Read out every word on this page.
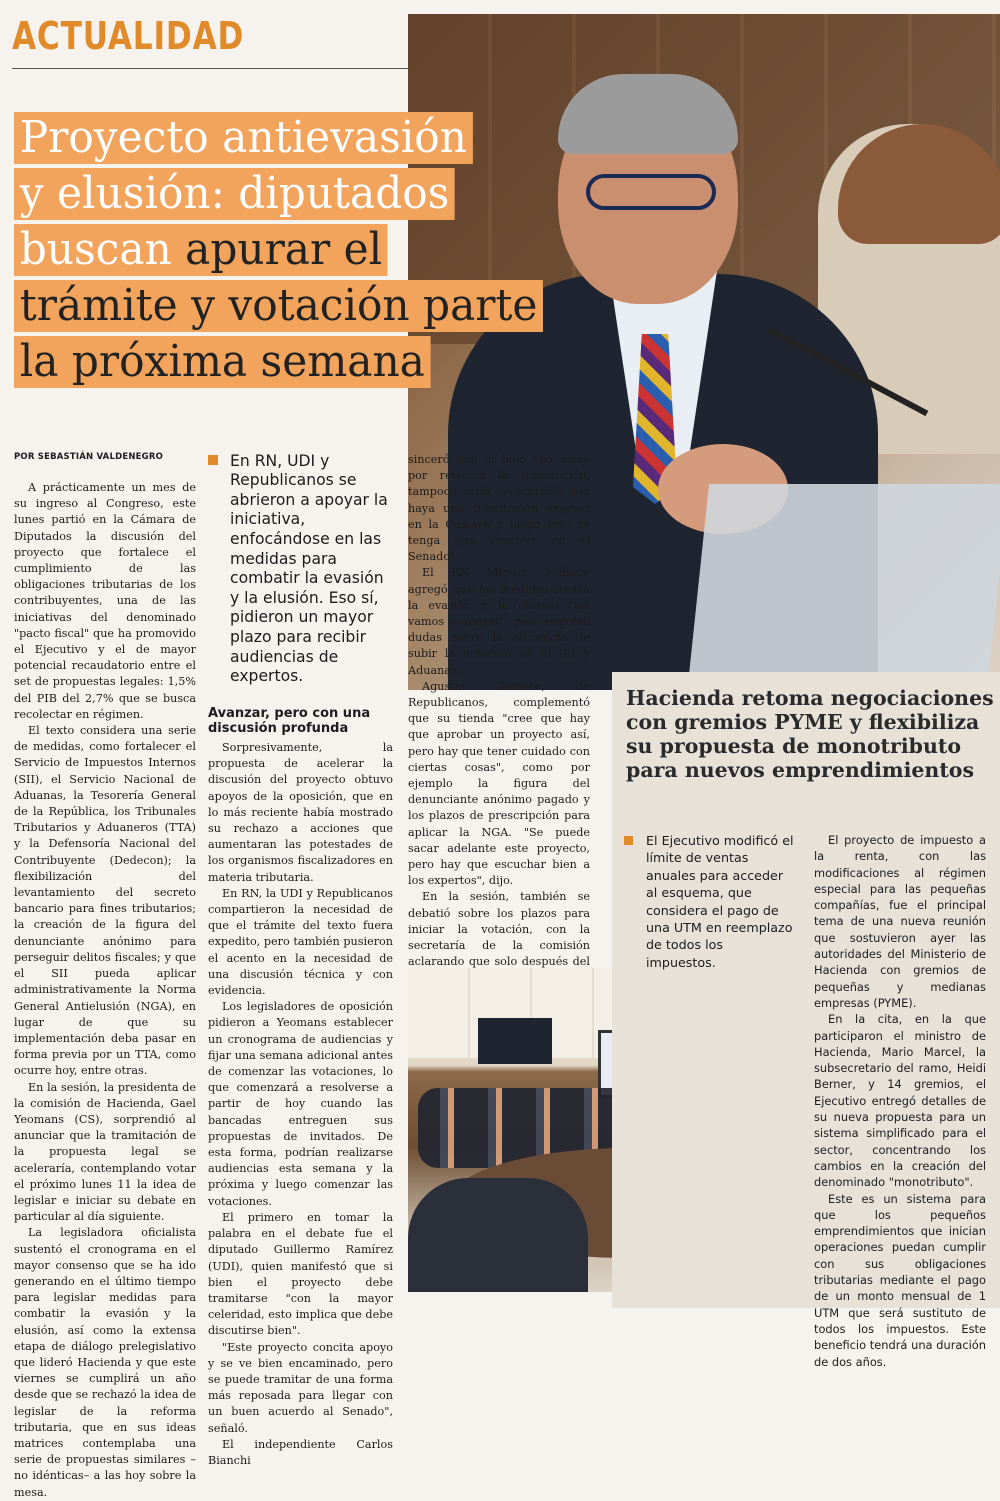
ACTUALIDAD
Proyecto antievasión
y elusión: diputados
buscan apurar el
trámite y votación parte
la próxima semana
POR SEBASTIÁN VALDENEGRO

A prácticamente un mes de su ingreso al Congreso, este lunes partió en la Cámara de Diputados la discusión del proyecto que fortalece el cumplimiento de las obligaciones tributarias de los contribuyentes, una de las iniciativas del denominado "pacto fiscal" que ha promovido el Ejecutivo y el de mayor potencial recaudatorio entre el set de propuestas legales: 1,5% del PIB del 2,7% que se busca recolectar en régimen.

El texto considera una serie de medidas, como fortalecer el Servicio de Impuestos Internos (SII), el Servicio Nacional de Aduanas, la Tesorería General de la República, los Tribunales Tributarios y Aduaneros (TTA) y la Defensoría Nacional del Contribuyente (Dedecon); la flexibilización del levantamiento del secreto bancario para fines tributarios; la creación de la figura del denunciante anónimo para perseguir delitos fiscales; y que el SII pueda aplicar administrativamente la Norma General Antielusión (NGA), en lugar de que su implementación deba pasar en forma previa por un TTA, como ocurre hoy, entre otras.

En la sesión, la presidenta de la comisión de Hacienda, Gael Yeomans (CS), sorprendió al anunciar que la tramitación de la propuesta legal se aceleraría, contemplando votar el próximo lunes 11 la idea de legislar e iniciar su debate en particular al día siguiente.

La legisladora oficialista sustentó el cronograma en el mayor consenso que se ha ido generando en el último tiempo para legislar medidas para combatir la evasión y la elusión, así como la extensa etapa de diálogo prelegislativo que lideró Hacienda y que este viernes se cumplirá un año desde que se rechazó la idea de legislar de la reforma tributaria, que en sus ideas matrices contemplaba una serie de propuestas similares –no idénticas– a las hoy sobre la mesa.

En RN, UDI y Republicanos se abrieron a apoyar la iniciativa, enfocándose en las medidas para combatir la evasión y la elusión. Eso sí, pidieron un mayor plazo para recibir audiencias de expertos.
Avanzar, pero con una discusión profunda

Sorpresivamente, la propuesta de acelerar la discusión del proyecto obtuvo apoyos de la oposición, que en lo más reciente había mostrado su rechazo a acciones que aumentaran las potestades de los organismos fiscalizadores en materia tributaria.

En RN, la UDI y Republicanos compartieron la necesidad de que el trámite del texto fuera expedito, pero también pusieron el acento en la necesidad de una discusión técnica y con evidencia.

Los legisladores de oposición pidieron a Yeomans establecer un cronograma de audiencias y fijar una semana adicional antes de comenzar las votaciones, lo que comenzará a resolverse a partir de hoy cuando las bancadas entreguen sus propuestas de invitados. De esta forma, podrían realizarse audiencias esta semana y la próxima y luego comenzar las votaciones.

El primero en tomar la palabra en el debate fue el diputado Guillermo Ramírez (UDI), quien manifestó que si bien el proyecto debe tramitarse "con la mayor celeridad, esto implica que debe discutirse bien".

"Este proyecto concita apoyo y se ve bien encaminado, pero se puede tramitar de una forma más reposada para llegar con un buen acuerdo al Senado", señaló.

El independiente Carlos Bianchi

sinceró que si bien "no estoy por retrasar la tramitación, tampoco sería presentable que haya una tramitación express en la Cámara y luego esto se tenga que resolver en el Senado".

El RN Miguel Mellado agregó que las medidas contra la evasión y la elusión "las vamos a apoyar", pero expresó dudas sobre la eficiencia de subir la dotación en el SII y Aduanas.

Agustín Romero, de Republicanos, complementó que su tienda "cree que hay que aprobar un proyecto así, pero hay que tener cuidado con ciertas cosas", como por ejemplo la figura del denunciante anónimo pagado y los plazos de prescripción para aplicar la NGA. "Se puede sacar adelante este proyecto, pero hay que escuchar bien a los expertos", dijo.

En la sesión, también se debatió sobre los plazos para iniciar la votación, con la secretaría de la comisión aclarando que solo después del

Hacienda retoma negociaciones con gremios PYME y flexibiliza su propuesta de monotributo para nuevos emprendimientos
El Ejecutivo modificó el límite de ventas anuales para acceder al esquema, que considera el pago de una UTM en reemplazo de todos los impuestos.

El proyecto de impuesto a la renta, con las modificaciones al régimen especial para las pequeñas compañías, fue el principal tema de una nueva reunión que sostuvieron ayer las autoridades del Ministerio de Hacienda con gremios de pequeñas y medianas empresas (PYME).

En la cita, en la que participaron el ministro de Hacienda, Mario Marcel, la subsecretario del ramo, Heidi Berner, y 14 gremios, el Ejecutivo entregó detalles de su nueva propuesta para un sistema simplificado para el sector, concentrando los cambios en la creación del denominado "monotributo".

Este es un sistema para que los pequeños emprendimientos que inician operaciones puedan cumplir con sus obligaciones tributarias mediante el pago de un monto mensual de 1 UTM que será sustituto de todos los impuestos. Este beneficio tendrá una duración de dos años.
